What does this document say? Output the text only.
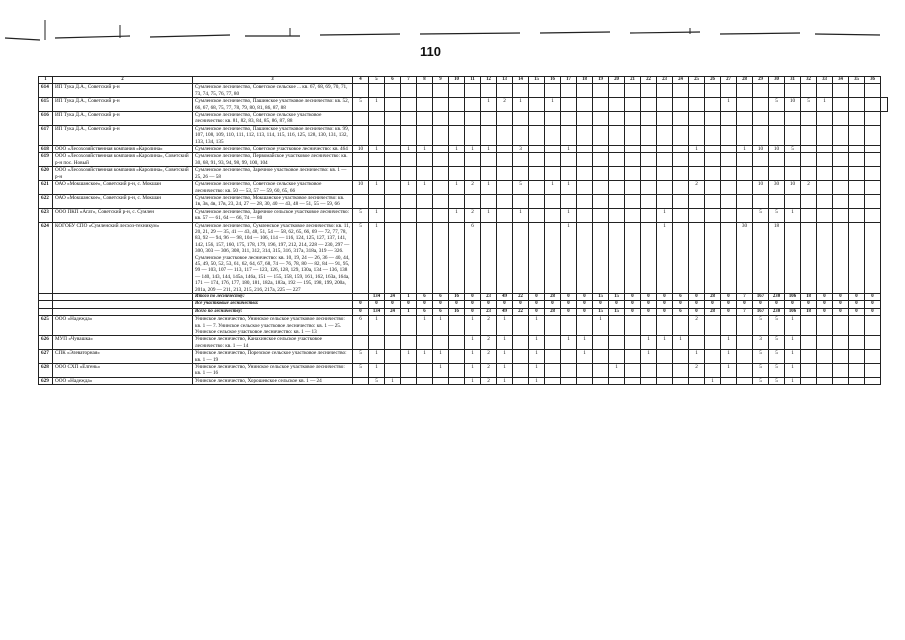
110
1	2	3	4	5	6	7	8	9	10	11	12	13	14	15	16	17	18	19	20	21	22	23	24	25	26	27	28	29	30	31	32	33	34	35	36	
614	ИП Тука Д.А., Советский р-н	Сумленское лесничество, Советское сельское ... кв. 67, 68, 69, 70, 71, 73, 74, 75, 76, 77, 80																																		
615	ИП Тука Д.А., Советский р-н	Сумленское лесничество, Пашинское участковое лесничество: кв. 52, 66, 67, 68, 75, 77, 78, 79, 80, 81, 86, 87, 88	5	1							1	2	1		1											1			5	10	5	1				
616	ИП Тука Д.А., Советский р-н	Сумленское лесничество, Советское сельское участковое лесничество: кв. 81, 82, 83, 84, 85, 86, 87, 88																																		
617	ИП Тука Д.А., Советский р-н	Сумленское лесничество, Пашинское участковое лесничество: кв. 99, 107, 108, 109, 110, 111, 112, 113, 114, 115, 116, 125, 128, 130, 131, 132, 133, 134, 135																																		
618	ООО «Лесохозяйственная компания «Каролина»	Сумленское лесничество, Советское участковое лесничество: кв. 464	10	1		1	1		1	1	1		3			1								1			1	10	10	5						
619	ООО «Лесохозяйственная компания «Каролина», Советский р-н пос. Новый	Сумленское лесничество, Первомайское участковое лесничество: кв. 30, 68, 91, 93, 94, 98, 99, 100, 104																																		
620	ООО «Лесохозяйственная компания «Каролина», Советский р-н	Сумленское лесничество, Заречное участковое лесничество: кв. 1 — 25, 26 — 58																																		
621	ОАО «Мокшанское», Советский р-н, с. Мокшан	Сумленское лесничество, Советское сельское участковое лесничество: кв. 50 — 53, 57 — 59, 60, 65, 66	10	1		1	1		1	2	1		5		1	1								2				10	30	10	2					
622	ОАО «Мокшанское», Советский р-н, с. Мокшан	Сумленское лесничество, Мокшанское участковое лесничество: кв. 1в, 3в, 4в, 17в, 23, 24, 27 — 28, 30, 40 — 43, 48 — 51, 55 — 59, 66																																		
623	ООО ПКП «Агат», Советский р-н, с. Сумлен	Сумленское лесничество, Заречное сельское участковое лесничество: кв. 57 — 61, 64 — 66, 74 — 80	5	1					1	2	1		1			1						1						5	5	1						
624	КОГОБУ СПО «Сумленский лесхоз-техникум»	Сумленское лесничество, Сумленское участковое лесничество: кв. 11, 20, 21, 29 — 35, 41 — 43, 48, 51, 54 — 58, 62, 65, 66, 69 — 72, 77, 78, 83, 92 — 94, 96 — 98, 104 — 106, 114 — 116, 124, 125, 127, 137, 141, 142, 156, 157, 160, 175, 178, 179, 196, 197, 212, 214, 228 — 230, 297 — 300, 303 — 306, 308, 311, 312, 314, 315, 316, 317а, 318а, 319 — 326. Сумленское участковое лесничество: кв. 10, 19, 24 — 26, 36 — 40, 44, 45, 49, 50, 52, 53, 61, 62, 64, 67, 68, 74 — 76, 78, 80 — 82, 84 — 91, 95, 99 — 103, 107 — 113, 117 — 123, 126, 128, 129, 130а, 134 — 136, 138 — 140, 143, 144, 145а, 146а, 151 — 155, 158, 159, 161, 162, 163а, 164а, 171 — 174, 176, 177, 180, 181, 182а, 183а, 192 — 195, 198, 199, 200а, 201а, 209 — 211, 213, 215, 216, 217а, 225 — 227	5	1						6						1						1					30		18							
		Итого по лесничеству:		134	24	1	6	6	16	0	23	49	22	0	28	0	0	15	15	0	0	0	6	0	28	0	7	167	230	106	18	0	0	0	0	
		Все участковые лесничества:	0	0	0	0	0	0	0	0	0	0	0	0	0	0	0	0	0	0	0	0	0	0	0	0	0	0	0	0	0	0	0	0	0	
		Всего по лесничеству:	0	134	24	1	6	6	16	0	23	49	22	0	28	0	0	15	15	0	0	0	6	0	28	0	7	167	230	106	18	0	0	0	0	
625	ООО «Надежда»	Унинское лесничество, Унинское сельское участковое лесничество: кв. 1 — 7. Унинское сельское участковое лесничество: кв. 1 — 25. Унинское сельское участковое лесничество: кв. 1 — 13	6	1			1	1		1	2	1		1				1						2				5	5	1						
626	МУП «Чувашка»	Унинское лесничество, Канахинское сельское участковое лесничество: кв. 1 — 14								1	2	1		1		1	1				1	1	1			1		3	5	1						
627	СПК «Элеваторная»	Унинское лесничество, Порезское сельское участковое лесничество: кв. 1 — 19	5	1		1	1	1		1	2	1		1			1				1			1		1		5	5	1						
628	ООО СХП «Елгень»	Унинское лесничество, Унинское сельское участковое лесничество: кв. 1 — 16	5	1				1		1	2	1		1					1					2		1		5	5	1						
629	ООО «Надежда»	Унинское лесничество, Хорошевское сельское кв. 1 — 24		5	1					1	2	1		1											1			5	5	1						
